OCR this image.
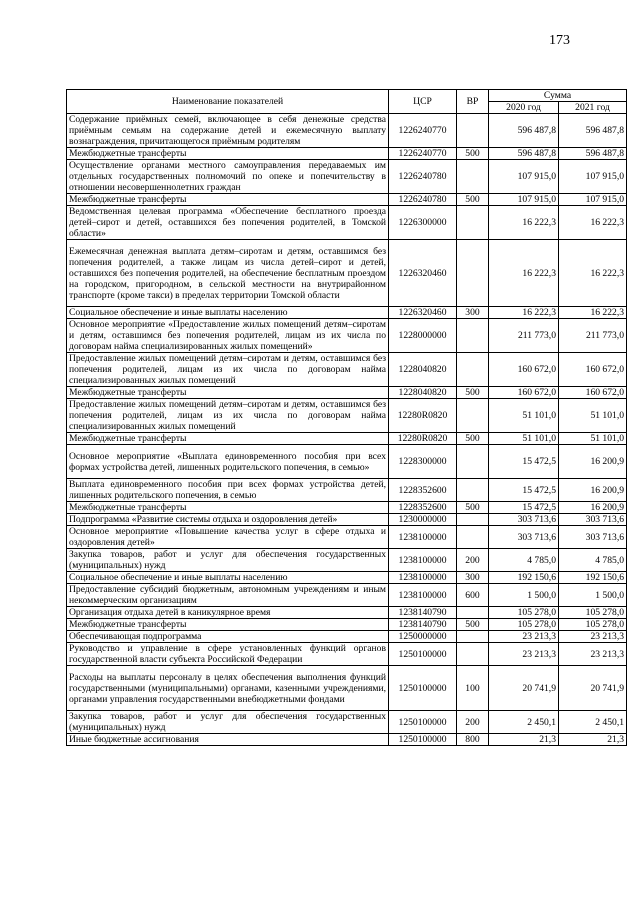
173
Наименование показателей	ЦСР	ВР	Сумма	
			2020 год	2021 год
Содержание приёмных семей, включающее в себя денежные средства приёмным семьям на содержание детей и ежемесячную выплату вознаграждения, причитающегося приёмным родителям	1226240770		596 487,8	596 487,8
Межбюджетные трансферты	1226240770	500	596 487,8	596 487,8
Осуществление органами местного самоуправления передаваемых им отдельных государственных полномочий по опеке и попечительству в отношении несовершеннолетних граждан	1226240780		107 915,0	107 915,0
Межбюджетные трансферты	1226240780	500	107 915,0	107 915,0
Ведомственная целевая программа «Обеспечение бесплатного проезда детей–сирот и детей, оставшихся без попечения родителей, в Томской области»	1226300000		16 222,3	16 222,3
Ежемесячная денежная выплата детям–сиротам и детям, оставшимся без попечения родителей, а также лицам из числа детей–сирот и детей, оставшихся без попечения родителей, на обеспечение бесплатным проездом на городском, пригородном, в сельской местности на внутрирайонном транспорте (кроме такси) в пределах территории Томской области	1226320460		16 222,3	16 222,3
Социальное обеспечение и иные выплаты населению	1226320460	300	16 222,3	16 222,3
Основное мероприятие «Предоставление жилых помещений детям–сиротам и детям, оставшимся без попечения родителей, лицам из их числа по договорам найма специализированных жилых помещений»	1228000000		211 773,0	211 773,0
Предоставление жилых помещений детям–сиротам и детям, оставшимся без попечения родителей, лицам из их числа по договорам найма специализированных жилых помещений	1228040820		160 672,0	160 672,0
Межбюджетные трансферты	1228040820	500	160 672,0	160 672,0
Предоставление жилых помещений детям–сиротам и детям, оставшимся без попечения родителей, лицам из их числа по договорам найма специализированных жилых помещений	12280R0820		51 101,0	51 101,0
Межбюджетные трансферты	12280R0820	500	51 101,0	51 101,0
Основное мероприятие «Выплата единовременного пособия при всех формах устройства детей, лишенных родительского попечения, в семью»	1228300000		15 472,5	16 200,9
Выплата единовременного пособия при всех формах устройства детей, лишенных родительского попечения, в семью	1228352600		15 472,5	16 200,9
Межбюджетные трансферты	1228352600	500	15 472,5	16 200,9
Подпрограмма «Развитие системы отдыха и оздоровления детей»	1230000000		303 713,6	303 713,6
Основное мероприятие «Повышение качества услуг в сфере отдыха и оздоровления детей»	1238100000		303 713,6	303 713,6
Закупка товаров, работ и услуг для обеспечения государственных (муниципальных) нужд	1238100000	200	4 785,0	4 785,0
Социальное обеспечение и иные выплаты населению	1238100000	300	192 150,6	192 150,6
Предоставление субсидий бюджетным, автономным учреждениям и иным некоммерческим организациям	1238100000	600	1 500,0	1 500,0
Организация отдыха детей в каникулярное время	1238140790		105 278,0	105 278,0
Межбюджетные трансферты	1238140790	500	105 278,0	105 278,0
Обеспечивающая подпрограмма	1250000000		23 213,3	23 213,3
Руководство и управление в сфере установленных функций органов государственной власти субъекта Российской Федерации	1250100000		23 213,3	23 213,3
Расходы на выплаты персоналу в целях обеспечения выполнения функций государственными (муниципальными) органами, казенными учреждениями, органами управления государственными внебюджетными фондами	1250100000	100	20 741,9	20 741,9
Закупка товаров, работ и услуг для обеспечения государственных (муниципальных) нужд	1250100000	200	2 450,1	2 450,1
Иные бюджетные ассигнования	1250100000	800	21,3	21,3
